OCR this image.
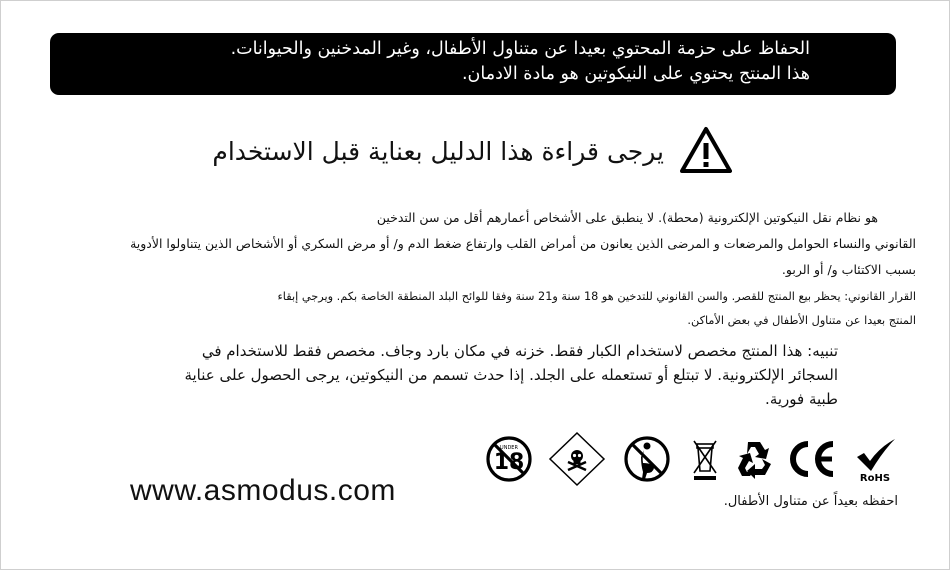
الحفاظ على حزمة المحتوي بعيدا عن متناول الأطفال، وغير المدخنين والحيوانات.
هذا المنتج يحتوي على النيكوتين هو مادة الادمان.
يرجى قراءة هذا الدليل بعناية قبل الاستخدام
هو نظام نقل النيكوتين الإلكترونية (محطة). لا ينطبق على الأشخاص أعمارهم أقل من سن التدخين
القانوني والنساء الحوامل والمرضعات و المرضى الذين يعانون من أمراض القلب وارتفاع ضغط الدم و/ أو مرض السكري أو الأشخاص الذين يتناولوا الأدوية
بسبب الاكتئاب و/ أو الربو.
القرار القانوني: يحظر بيع المنتج للقصر. والسن القانوني للتدخين هو 18 سنة و21 سنة وفقا للوائح البلد المنطقة الخاصة بكم. ويرجي إبقاء
المنتج بعيدا عن متناول الأطفال في بعض الأماكن.
تنبيه: هذا المنتج مخصص لاستخدام الكبار فقط. خزنه في مكان بارد وجاف. مخصص فقط للاستخدام في
السجائر الإلكترونية. لا تبتلع أو تستعمله على الجلد. إذا حدث تسمم من النيكوتين، يرجى الحصول على عناية
طبية فورية.
UNDER
18
RoHS
www.asmodus.com	احفظه بعيداً عن متناول الأطفال.
